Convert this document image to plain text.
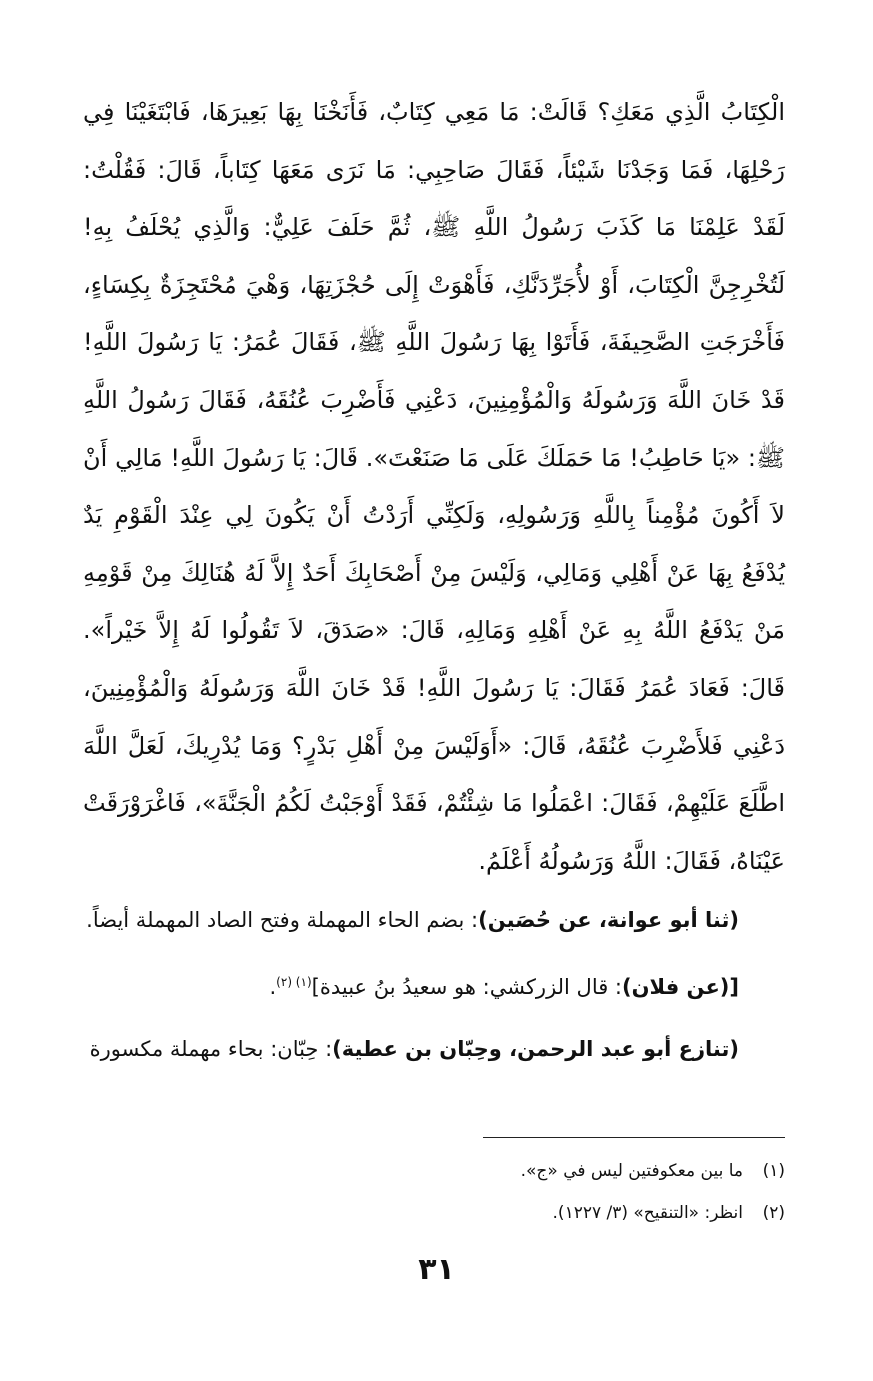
الْكِتَابُ الَّذِي مَعَكِ؟ قَالَتْ: مَا مَعِي كِتَابٌ، فَأَنَخْنَا بِهَا بَعِيرَهَا، فَابْتَغَيْنَا فِي رَحْلِهَا، فَمَا وَجَدْنَا شَيْئاً، فَقَالَ صَاحِبِي: مَا نَرَى مَعَهَا كِتَاباً، قَالَ: فَقُلْتُ: لَقَدْ عَلِمْنَا مَا كَذَبَ رَسُولُ اللَّهِ ﷺ، ثُمَّ حَلَفَ عَلِيٌّ: وَالَّذِي يُحْلَفُ بِهِ! لَتُخْرِجِنَّ الْكِتَابَ، أَوْ لأُجَرِّدَنَّكِ، فَأَهْوَتْ إِلَى حُجْزَتِهَا، وَهْيَ مُحْتَجِزَةٌ بِكِسَاءٍ، فَأَخْرَجَتِ الصَّحِيفَةَ، فَأَتَوْا بِهَا رَسُولَ اللَّهِ ﷺ، فَقَالَ عُمَرُ: يَا رَسُولَ اللَّهِ! قَدْ خَانَ اللَّهَ وَرَسُولَهُ وَالْمُؤْمِنِينَ، دَعْنِي فَأَضْرِبَ عُنُقَهُ، فَقَالَ رَسُولُ اللَّهِ ﷺ: «يَا حَاطِبُ! مَا حَمَلَكَ عَلَى مَا صَنَعْتَ». قَالَ: يَا رَسُولَ اللَّهِ! مَالِي أَنْ لاَ أَكُونَ مُؤْمِناً بِاللَّهِ وَرَسُولِهِ، وَلَكِنِّي أَرَدْتُ أَنْ يَكُونَ لِي عِنْدَ الْقَوْمِ يَدٌ يُدْفَعُ بِهَا عَنْ أَهْلِي وَمَالِي، وَلَيْسَ مِنْ أَصْحَابِكَ أَحَدٌ إِلاَّ لَهُ هُنَالِكَ مِنْ قَوْمِهِ مَنْ يَدْفَعُ اللَّهُ بِهِ عَنْ أَهْلِهِ وَمَالِهِ، قَالَ: «صَدَقَ، لاَ تَقُولُوا لَهُ إِلاَّ خَيْراً». قَالَ: فَعَادَ عُمَرُ فَقَالَ: يَا رَسُولَ اللَّهِ! قَدْ خَانَ اللَّهَ وَرَسُولَهُ وَالْمُؤْمِنِينَ، دَعْنِي فَلأَضْرِبَ عُنُقَهُ، قَالَ: «أَوَلَيْسَ مِنْ أَهْلِ بَدْرٍ؟ وَمَا يُدْرِيكَ، لَعَلَّ اللَّهَ اطَّلَعَ عَلَيْهِمْ، فَقَالَ: اعْمَلُوا مَا شِئْتُمْ، فَقَدْ أَوْجَبْتُ لَكُمُ الْجَنَّةَ»، فَاغْرَوْرَقَتْ عَيْنَاهُ، فَقَالَ: اللَّهُ وَرَسُولُهُ أَعْلَمُ.

(ثنا أبو عوانة، عن حُصَين): بضم الحاء المهملة وفتح الصاد المهملة أيضاً.

[(عن فلان): قال الزركشي: هو سعيدُ بنُ عبيدة]$^{(١) (٢)}$.

(تنازع أبو عبد الرحمن، وحِبّان بن عطية): حِبّان: بحاء مهملة مكسورة

(١)ما بين معكوفتين ليس في «ج».

(٢)انظر: «التنقيح» (٣/ ١٢٢٧).

٣١
